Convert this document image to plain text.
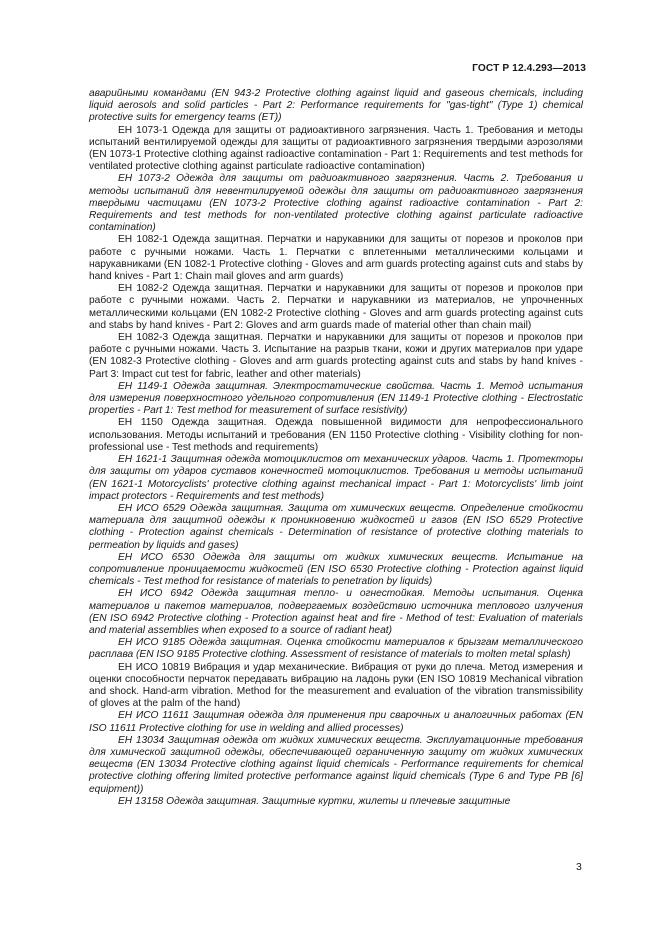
ГОСТ Р 12.4.293—2013

аварийными командами (EN 943-2 Protective clothing against liquid and gaseous chemicals, including liquid aerosols and solid particles - Part 2: Performance requirements for "gas-tight" (Type 1) chemical protective suits for emergency teams (ET))

ЕН 1073-1 Одежда для защиты от радиоактивного загрязнения. Часть 1. Требования и методы испытаний вентилируемой одежды для защиты от радиоактивного загрязнения твердыми аэрозолями (EN 1073-1 Protective clothing against radioactive contamination - Part 1: Requirements and test methods for ventilated protective clothing against particulate radioactive contamination)

ЕН 1073-2 Одежда для защиты от радиоактивного загрязнения. Часть 2. Требования и методы испытаний для невентилируемой одежды для защиты от радиоактивного загрязнения твердыми частицами (EN 1073-2 Protective clothing against radioactive contamination - Part 2: Requirements and test methods for non-ventilated protective clothing against particulate radioactive contamination)

ЕН 1082-1 Одежда защитная. Перчатки и нарукавники для защиты от порезов и проколов при работе с ручными ножами. Часть 1. Перчатки с вплетенными металлическими кольцами и нарукавниками (EN 1082-1 Protective clothing - Gloves and arm guards protecting against cuts and stabs by hand knives - Part 1: Chain mail gloves and arm guards)

ЕН 1082-2 Одежда защитная. Перчатки и нарукавники для защиты от порезов и проколов при работе с ручными ножами. Часть 2. Перчатки и нарукавники из материалов, не упрочненных металлическими кольцами (EN 1082-2 Protective clothing - Gloves and arm guards protecting against cuts and stabs by hand knives - Part 2: Gloves and arm guards made of material other than chain mail)

ЕН 1082-3 Одежда защитная. Перчатки и нарукавники для защиты от порезов и проколов при работе с ручными ножами. Часть 3. Испытание на разрыв ткани, кожи и других материалов при ударе (EN 1082-3 Protective clothing - Gloves and arm guards protecting against cuts and stabs by hand knives - Part 3: Impact cut test for fabric, leather and other materials)

ЕН 1149-1 Одежда защитная. Электростатические свойства. Часть 1. Метод испытания для измерения поверхностного удельного сопротивления (EN 1149-1 Protective clothing - Electrostatic properties - Part 1: Test method for measurement of surface resistivity)

ЕН 1150 Одежда защитная. Одежда повышенной видимости для непрофессионального использования. Методы испытаний и требования (EN 1150 Protective clothing - Visibility clothing for non-professional use - Test methods and requirements)

ЕН 1621-1 Защитная одежда мотоциклистов от механических ударов. Часть 1. Протекторы для защиты от ударов суставов конечностей мотоциклистов. Требования и методы испытаний (EN 1621-1 Motorcyclists' protective clothing against mechanical impact - Part 1: Motorcyclists' limb joint impact protectors - Requirements and test methods)

ЕН ИСО 6529 Одежда защитная. Защита от химических веществ. Определение стойкости материала для защитной одежды к проникновению жидкостей и газов (EN ISO 6529 Protective clothing - Protection against chemicals - Determination of resistance of protective clothing materials to permeation by liquids and gases)

ЕН ИСО 6530 Одежда для защиты от жидких химических веществ. Испытание на сопротивление проницаемости жидкостей (EN ISO 6530 Protective clothing - Protection against liquid chemicals - Test method for resistance of materials to penetration by liquids)

ЕН ИСО 6942 Одежда защитная тепло- и огнестойкая. Методы испытания. Оценка материалов и пакетов материалов, подвергаемых воздействию источника теплового излучения (EN ISO 6942 Protective clothing - Protection against heat and fire - Method of test: Evaluation of materials and material assemblies when exposed to a source of radiant heat)

ЕН ИСО 9185 Одежда защитная. Оценка стойкости материалов к брызгам металлического расплава (EN ISO 9185 Protective clothing. Assessment of resistance of materials to molten metal splash)

ЕН ИСО 10819 Вибрация и удар механические. Вибрация от руки до плеча. Метод измерения и оценки способности перчаток передавать вибрацию на ладонь руки (EN ISO 10819 Mechanical vibration and shock. Hand-arm vibration. Method for the measurement and evaluation of the vibration transmissibility of gloves at the palm of the hand)

ЕН ИСО 11611 Защитная одежда для применения при сварочных и аналогичных работах (EN ISO 11611 Protective clothing for use in welding and allied processes)

ЕН 13034 Защитная одежда от жидких химических веществ. Эксплуатационные требования для химической защитной одежды, обеспечивающей ограниченную защиту от жидких химических веществ (EN 13034 Protective clothing against liquid chemicals - Performance requirements for chemical protective clothing offering limited protective performance against liquid chemicals (Type 6 and Type PB [6] equipment))

ЕН 13158 Одежда защитная. Защитные куртки, жилеты и плечевые защитные

3
